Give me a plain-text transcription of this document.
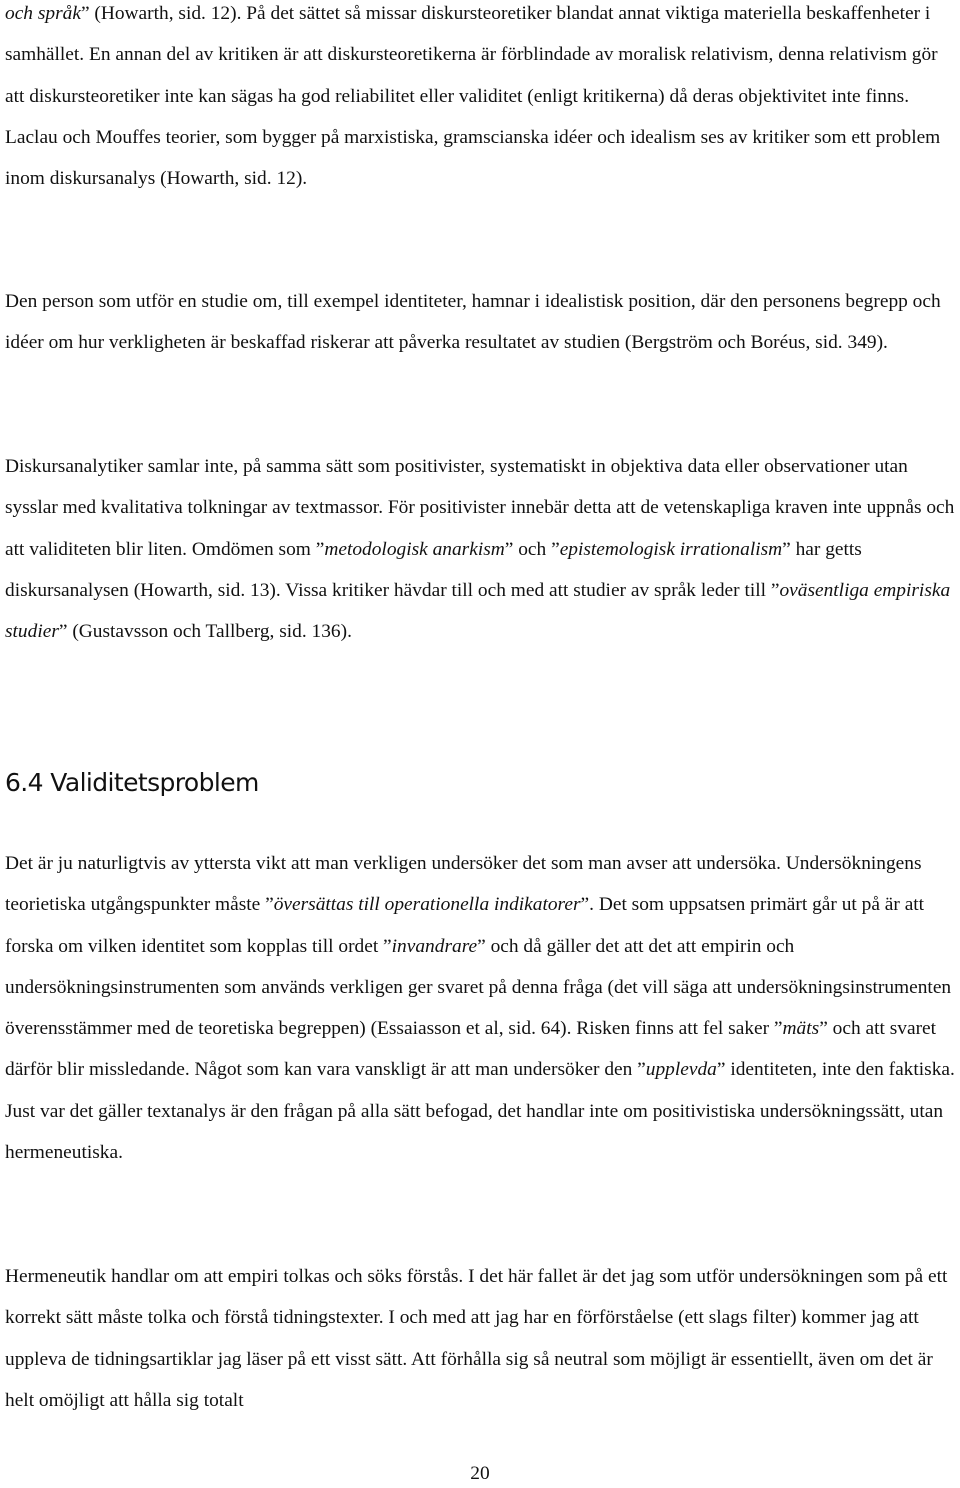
och språk” (Howarth, sid. 12). På det sättet så missar diskursteoretiker blandat annat viktiga materiella beskaffenheter i samhället. En annan del av kritiken är att diskursteoretikerna är förblindade av moralisk relativism, denna relativism gör att diskursteoretiker inte kan sägas ha god reliabilitet eller validitet (enligt kritikerna) då deras objektivitet inte finns. Laclau och Mouffes teorier, som bygger på marxistiska, gramscianska idéer och idealism ses av kritiker som ett problem inom diskursanalys (Howarth, sid. 12).

Den person som utför en studie om, till exempel identiteter, hamnar i idealistisk position, där den personens begrepp och idéer om hur verkligheten är beskaffad riskerar att påverka resultatet av studien (Bergström och Boréus, sid. 349).

Diskursanalytiker samlar inte, på samma sätt som positivister, systematiskt in objektiva data eller observationer utan sysslar med kvalitativa tolkningar av textmassor. För positivister innebär detta att de vetenskapliga kraven inte uppnås och att validiteten blir liten. Omdömen som ”metodologisk anarkism” och ”epistemologisk irrationalism” har getts diskursanalysen (Howarth, sid. 13). Vissa kritiker hävdar till och med att studier av språk leder till ”oväsentliga empiriska studier” (Gustavsson och Tallberg, sid. 136).

6.4 Validitetsproblem

Det är ju naturligtvis av yttersta vikt att man verkligen undersöker det som man avser att undersöka. Undersökningens teorietiska utgångspunkter måste ”översättas till operationella indikatorer”. Det som uppsatsen primärt går ut på är att forska om vilken identitet som kopplas till ordet ”invandrare” och då gäller det att det att empirin och undersökningsinstrumenten som används verkligen ger svaret på denna fråga (det vill säga att undersökningsinstrumenten överensstämmer med de teoretiska begreppen) (Essaiasson et al, sid. 64). Risken finns att fel saker ”mäts” och att svaret därför blir missledande. Något som kan vara vanskligt är att man undersöker den ”upplevda” identiteten, inte den faktiska. Just var det gäller textanalys är den frågan på alla sätt befogad, det handlar inte om positivistiska undersökningssätt, utan hermeneutiska.

Hermeneutik handlar om att empiri tolkas och söks förstås. I det här fallet är det jag som utför undersökningen som på ett korrekt sätt måste tolka och förstå tidningstexter. I och med att jag har en förförståelse (ett slags filter) kommer jag att uppleva de tidningsartiklar jag läser på ett visst sätt. Att förhålla sig så neutral som möjligt är essentiellt, även om det är helt omöjligt att hålla sig totalt

20
